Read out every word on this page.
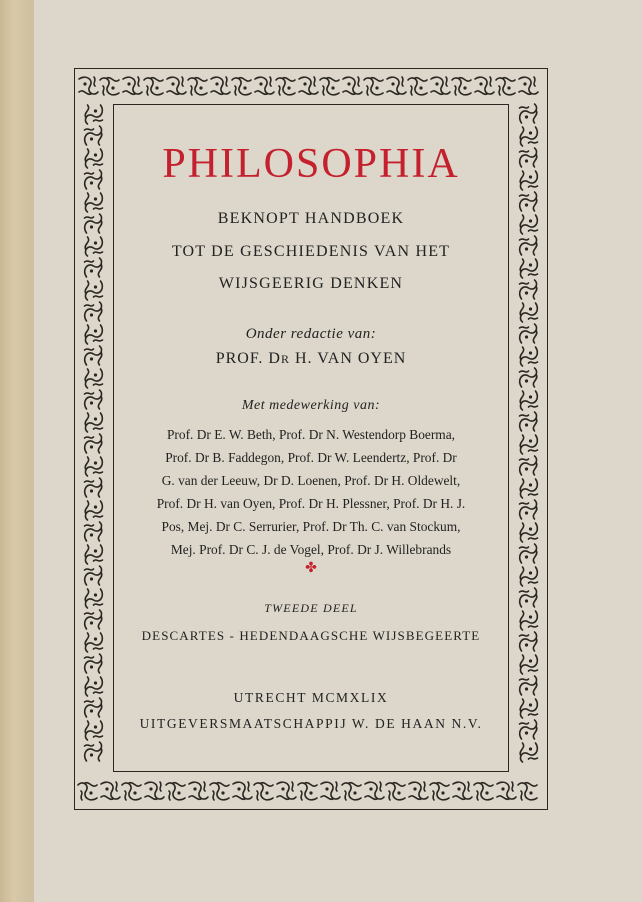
PHILOSOPHIA
BEKNOPT HANDBOEK
TOT DE GESCHIEDENIS VAN HET
WIJSGEERIG DENKEN
Onder redactie van:
PROF. DR H. VAN OYEN
Met medewerking van:
Prof. Dr E. W. Beth, Prof. Dr N. Westendorp Boerma,
Prof. Dr B. Faddegon, Prof. Dr W. Leendertz, Prof. Dr
G. van der Leeuw, Dr D. Loenen, Prof. Dr H. Oldewelt,
Prof. Dr H. van Oyen, Prof. Dr H. Plessner, Prof. Dr H. J.
Pos, Mej. Dr C. Serrurier, Prof. Dr Th. C. van Stockum,
Mej. Prof. Dr C. J. de Vogel, Prof. Dr J. Willebrands
✤
TWEEDE DEEL
DESCARTES - HEDENDAAGSCHE WIJSBEGEERTE
UTRECHT MCMXLIX
UITGEVERSMAATSCHAPPIJ W. DE HAAN N.V.
